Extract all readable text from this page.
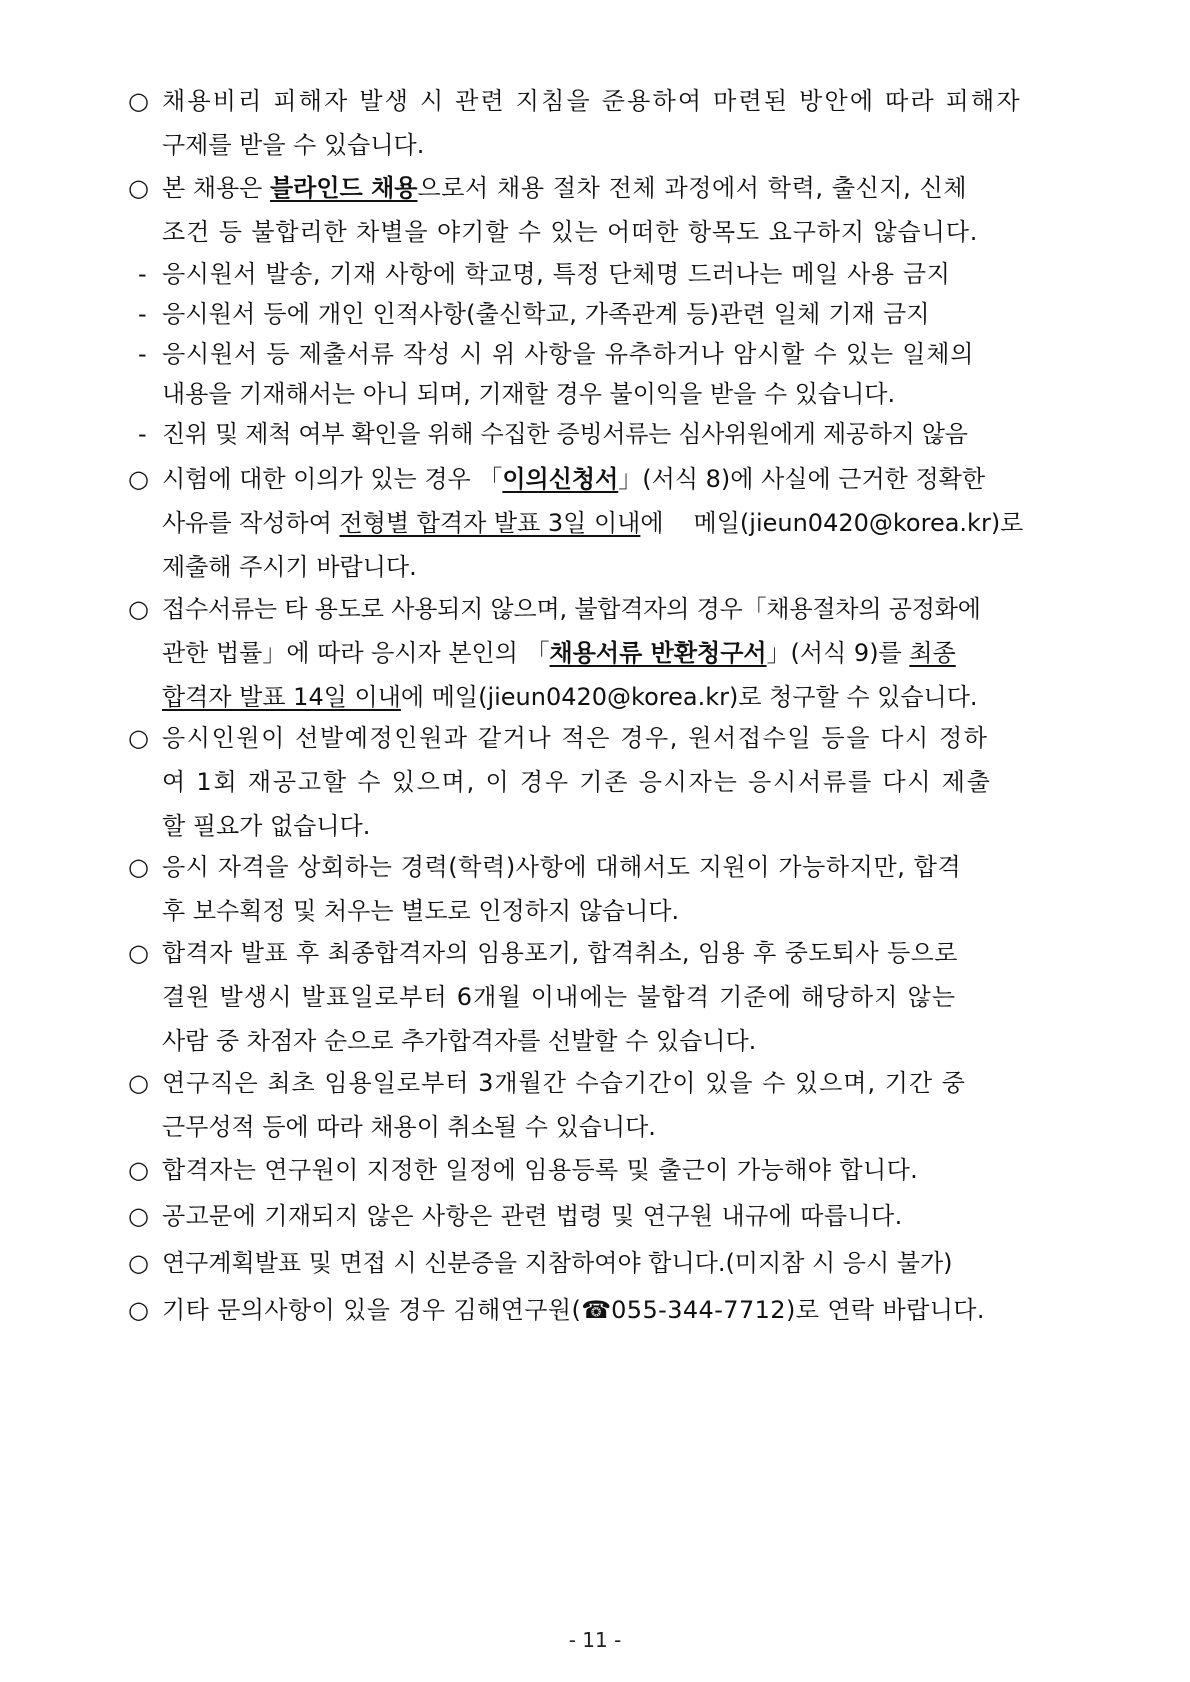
○ 채용비리 피해자 발생 시 관련 지침을 준용하여 마련된 방안에 따라 피해자
구제를 받을 수 있습니다.
○ 본 채용은 블라인드 채용 으로서 채용 절차 전체 과정에서 학력, 출신지, 신체
조건 등 불합리한 차별을 야기할 수 있는 어떠한 항목도 요구하지 않습니다.
- 응시원서 발송, 기재 사항에 학교명, 특정 단체명 드러나는 메일 사용 금지
- 응시원서 등에 개인 인적사항(출신학교, 가족관계 등)관련 일체 기재 금지
- 응시원서 등 제출서류 작성 시 위 사항을 유추하거나 암시할 수 있는 일체의
내용을 기재해서는 아니 되며, 기재할 경우 불이익을 받을 수 있습니다.
- 진위 및 제척 여부 확인을 위해 수집한 증빙서류는 심사위원에게 제공하지 않음
○ 시험에 대한 이의가 있는 경우 「 이의신청서 」(서식 8)에 사실에 근거한 정확한
사유를 작성하여 전형별 합격자 발표 3일 이내 에 메일(jieun0420@korea.kr)로
제출해 주시기 바랍니다.
○ 접수서류는 타 용도로 사용되지 않으며, 불합격자의 경우「채용절차의 공정화에
관한 법률」에 따라 응시자 본인의 「 채용서류 반환청구서 」(서식 9)를 최종
합격자 발표 14일 이내 에 메일(jieun0420@korea.kr)로 청구할 수 있습니다.
○ 응시인원이 선발예정인원과 같거나 적은 경우, 원서접수일 등을 다시 정하
여 1회 재공고할 수 있으며, 이 경우 기존 응시자는 응시서류를 다시 제출
할 필요가 없습니다.
○ 응시 자격을 상회하는 경력(학력)사항에 대해서도 지원이 가능하지만, 합격
후 보수획정 및 처우는 별도로 인정하지 않습니다.
○ 합격자 발표 후 최종합격자의 임용포기, 합격취소, 임용 후 중도퇴사 등으로
결원 발생시 발표일로부터 6개월 이내에는 불합격 기준에 해당하지 않는
사람 중 차점자 순으로 추가합격자를 선발할 수 있습니다.
○ 연구직은 최초 임용일로부터 3개월간 수습기간이 있을 수 있으며, 기간 중
근무성적 등에 따라 채용이 취소될 수 있습니다.
○ 합격자는 연구원이 지정한 일정에 임용등록 및 출근이 가능해야 합니다.
○ 공고문에 기재되지 않은 사항은 관련 법령 및 연구원 내규에 따릅니다.
○ 연구계획발표 및 면접 시 신분증을 지참하여야 합니다.(미지참 시 응시 불가)
○ 기타 문의사항이 있을 경우 김해연구원( ☎ 055-344-7712)로 연락 바랍니다.
- 11 -
